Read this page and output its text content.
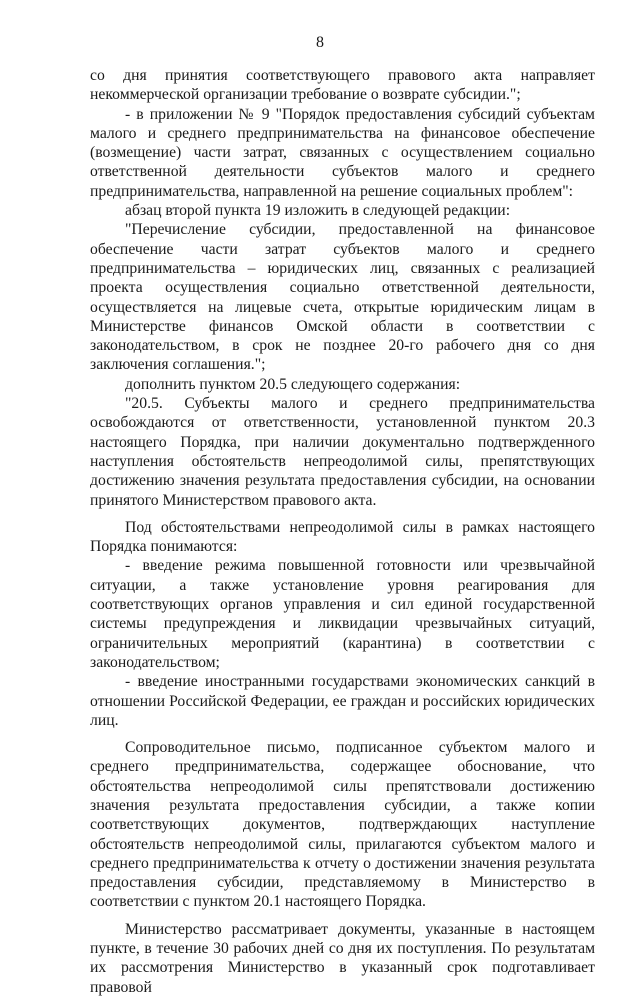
8

со дня принятия соответствующего правового акта направляет некоммерческой организации требование о возврате субсидии.";

- в приложении № 9 "Порядок предоставления субсидий субъектам малого и среднего предпринимательства на финансовое обеспечение (возмещение) части затрат, связанных с осуществлением социально ответственной деятельности субъектов малого и среднего предпринимательства, направленной на решение социальных проблем":

абзац второй пункта 19 изложить в следующей редакции:

"Перечисление субсидии, предоставленной на финансовое обеспечение части затрат субъектов малого и среднего предпринимательства – юридических лиц, связанных с реализацией проекта осуществления социально ответственной деятельности, осуществляется на лицевые счета, открытые юридическим лицам в Министерстве финансов Омской области в соответствии с законодательством, в срок не позднее 20-го рабочего дня со дня заключения соглашения.";

дополнить пунктом 20.5 следующего содержания:

"20.5. Субъекты малого и среднего предпринимательства освобождаются от ответственности, установленной пунктом 20.3 настоящего Порядка, при наличии документально подтвержденного наступления обстоятельств непреодолимой силы, препятствующих достижению значения результата предоставления субсидии, на основании принятого Министерством правового акта.

Под обстоятельствами непреодолимой силы в рамках настоящего Порядка понимаются:

- введение режима повышенной готовности или чрезвычайной ситуации, а также установление уровня реагирования для соответствующих органов управления и сил единой государственной системы предупреждения и ликвидации чрезвычайных ситуаций, ограничительных мероприятий (карантина) в соответствии с законодательством;

- введение иностранными государствами экономических санкций в отношении Российской Федерации, ее граждан и российских юридических лиц.

Сопроводительное письмо, подписанное субъектом малого и среднего предпринимательства, содержащее обоснование, что обстоятельства непреодолимой силы препятствовали достижению значения результата предоставления субсидии, а также копии соответствующих документов, подтверждающих наступление обстоятельств непреодолимой силы, прилагаются субъектом малого и среднего предпринимательства к отчету о достижении значения результата предоставления субсидии, представляемому в Министерство в соответствии с пунктом 20.1 настоящего Порядка.

Министерство рассматривает документы, указанные в настоящем пункте, в течение 30 рабочих дней со дня их поступления. По результатам их рассмотрения Министерство в указанный срок подготавливает правовой
